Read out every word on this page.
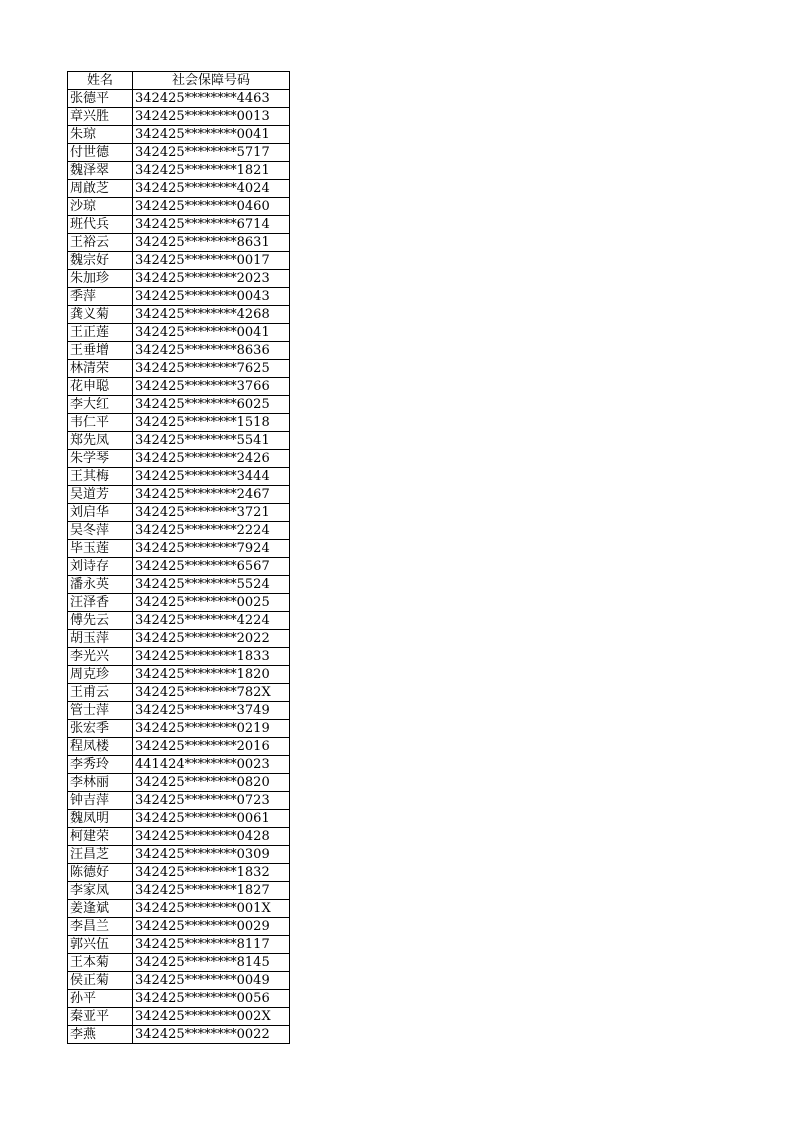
姓名	社会保障号码
张德平	342425********4463
章兴胜	342425********0013
朱琼	342425********0041
付世德	342425********5717
魏泽翠	342425********1821
周啟芝	342425********4024
沙琼	342425********0460
班代兵	342425********6714
王裕云	342425********8631
魏宗好	342425********0017
朱加珍	342425********2023
季萍	342425********0043
龚义菊	342425********4268
王正莲	342425********0041
王垂增	342425********8636
林清荣	342425********7625
花申聪	342425********3766
李大红	342425********6025
韦仁平	342425********1518
郑先凤	342425********5541
朱学琴	342425********2426
王其梅	342425********3444
吴道芳	342425********2467
刘启华	342425********3721
吴冬萍	342425********2224
毕玉莲	342425********7924
刘诗存	342425********6567
潘永英	342425********5524
汪泽香	342425********0025
傅先云	342425********4224
胡玉萍	342425********2022
李光兴	342425********1833
周克珍	342425********1820
王甫云	342425********782X
管士萍	342425********3749
张宏季	342425********0219
程凤楼	342425********2016
李秀玲	441424********0023
李林丽	342425********0820
钟吉萍	342425********0723
魏凤明	342425********0061
柯建荣	342425********0428
汪昌芝	342425********0309
陈德好	342425********1832
李家凤	342425********1827
姜逢斌	342425********001X
李昌兰	342425********0029
郭兴伍	342425********8117
王本菊	342425********8145
侯正菊	342425********0049
孙平	342425********0056
秦亚平	342425********002X
李燕	342425********0022
